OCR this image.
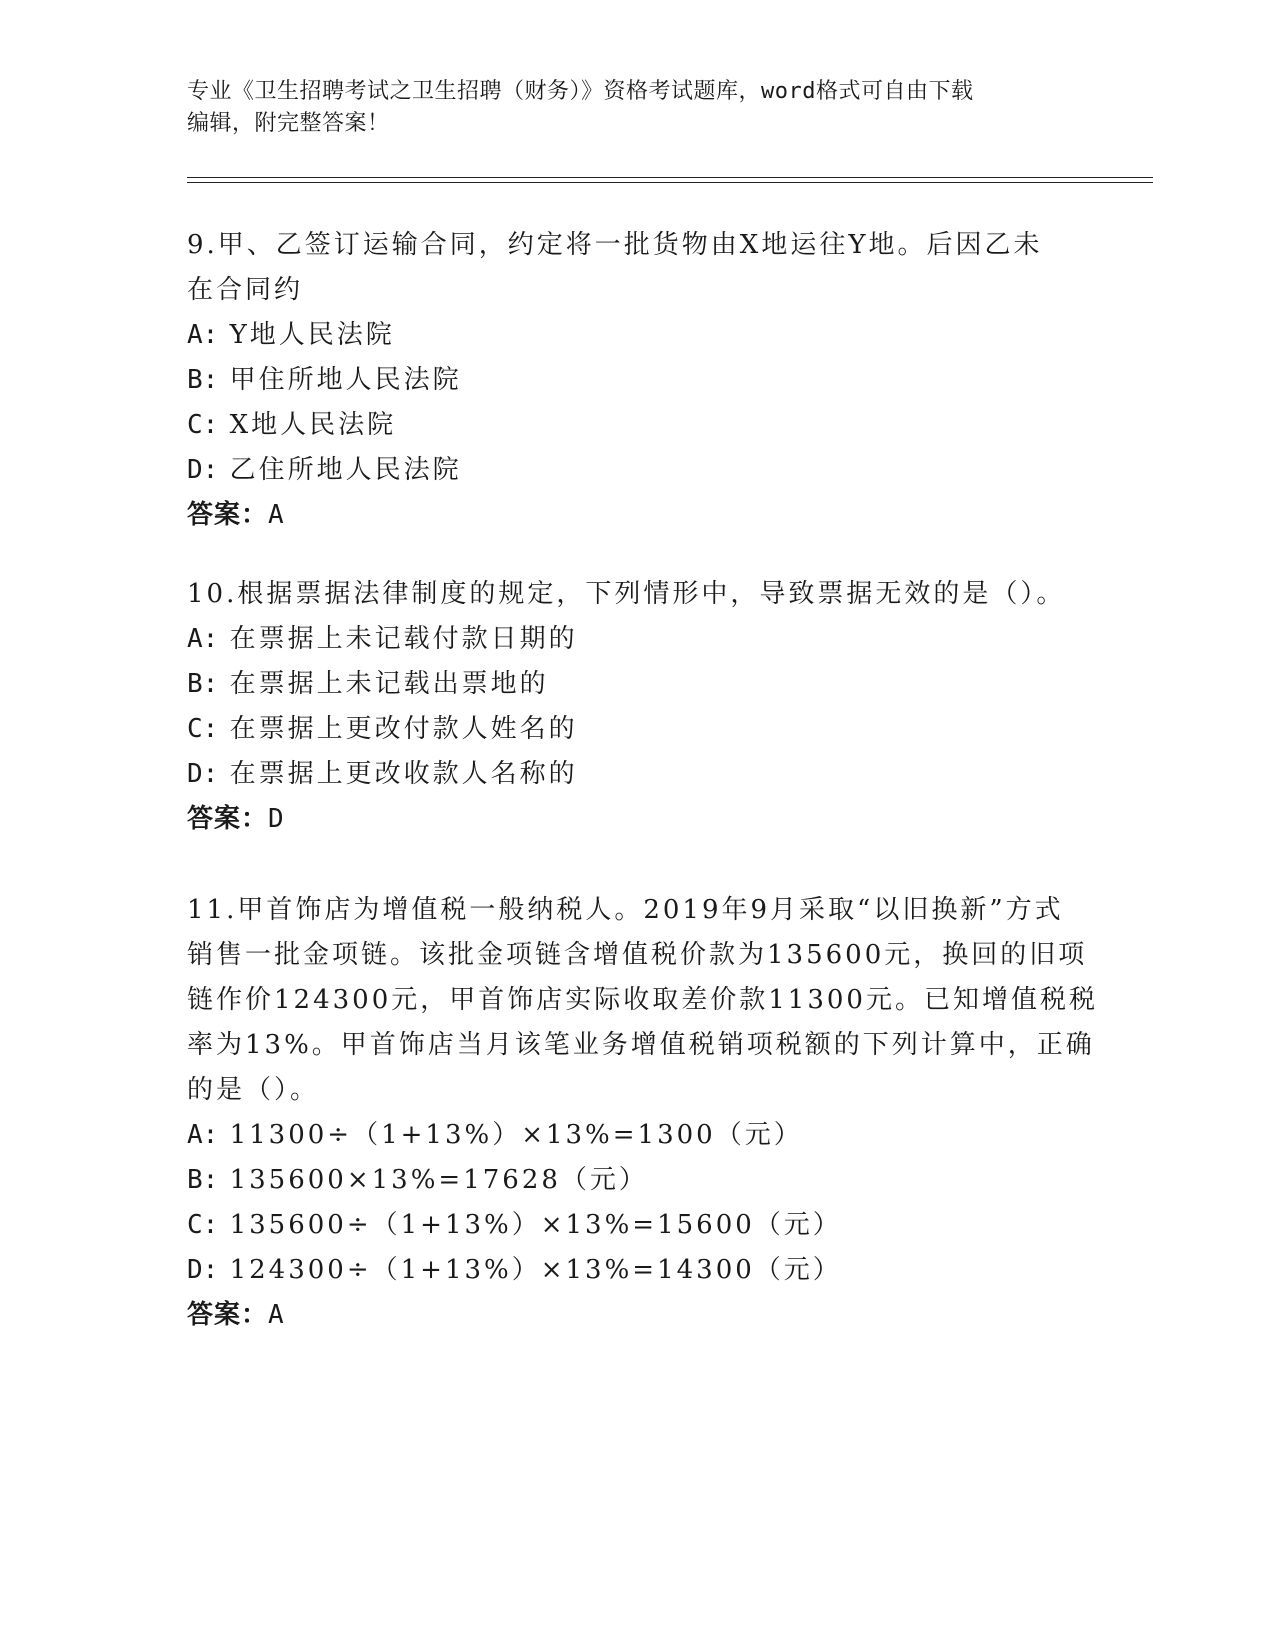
专业《卫生招聘考试之卫生招聘（财务）》资格考试题库，word格式可自由下载
编辑，附完整答案！
9.甲、乙签订运输合同，约定将一批货物由X地运往Y地。后因乙未
在合同约
A: Y地人民法院
B: 甲住所地人民法院
C: X地人民法院
D: 乙住所地人民法院
答案：A
10.根据票据法律制度的规定，下列情形中，导致票据无效的是（）。
A: 在票据上未记载付款日期的
B: 在票据上未记载出票地的
C: 在票据上更改付款人姓名的
D: 在票据上更改收款人名称的
答案：D
11.甲首饰店为增值税一般纳税人。2019年9月采取“以旧换新”方式
销售一批金项链。该批金项链含增值税价款为135600元，换回的旧项
链作价124300元，甲首饰店实际收取差价款11300元。已知增值税税
率为13%。甲首饰店当月该笔业务增值税销项税额的下列计算中，正确
的是（）。
A: 11300÷（1+13%）×13%=1300（元）
B: 135600×13%=17628（元）
C: 135600÷（1+13%）×13%=15600（元）
D: 124300÷（1+13%）×13%=14300（元）
答案：A
